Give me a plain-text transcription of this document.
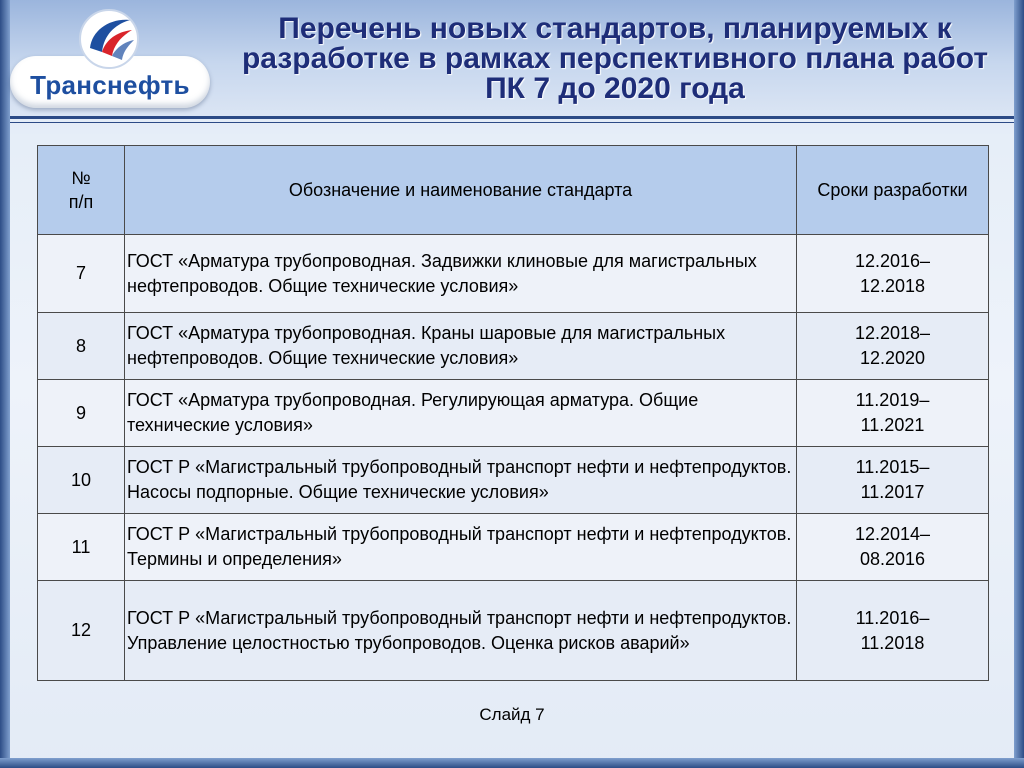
Транснефть
Перечень новых стандартов, планируемых к
разработке в рамках перспективного плана работ
ПК 7 до 2020 года
№
п/п	Обозначение и наименование стандарта	Сроки разработки
7	ГОСТ «Арматура трубопроводная. Задвижки клиновые для магистральных нефтепроводов. Общие технические условия»	12.2016–
12.2018

8	ГОСТ «Арматура трубопроводная. Краны шаровые для магистральных нефтепроводов. Общие технические условия»	12.2018–
12.2020

9	ГОСТ «Арматура трубопроводная. Регулирующая арматура. Общие технические условия»	11.2019–
11.2021

10	ГОСТ Р «Магистральный трубопроводный транспорт нефти и нефтепродуктов. Насосы подпорные. Общие технические условия»	11.2015–
11.2017

11	ГОСТ Р «Магистральный трубопроводный транспорт нефти и нефтепродуктов. Термины и определения»	12.2014–
08.2016

12	ГОСТ Р «Магистральный трубопроводный транспорт нефти и нефтепродуктов. Управление целостностью трубопроводов. Оценка рисков аварий»	11.2016–
11.2018
Слайд 7
